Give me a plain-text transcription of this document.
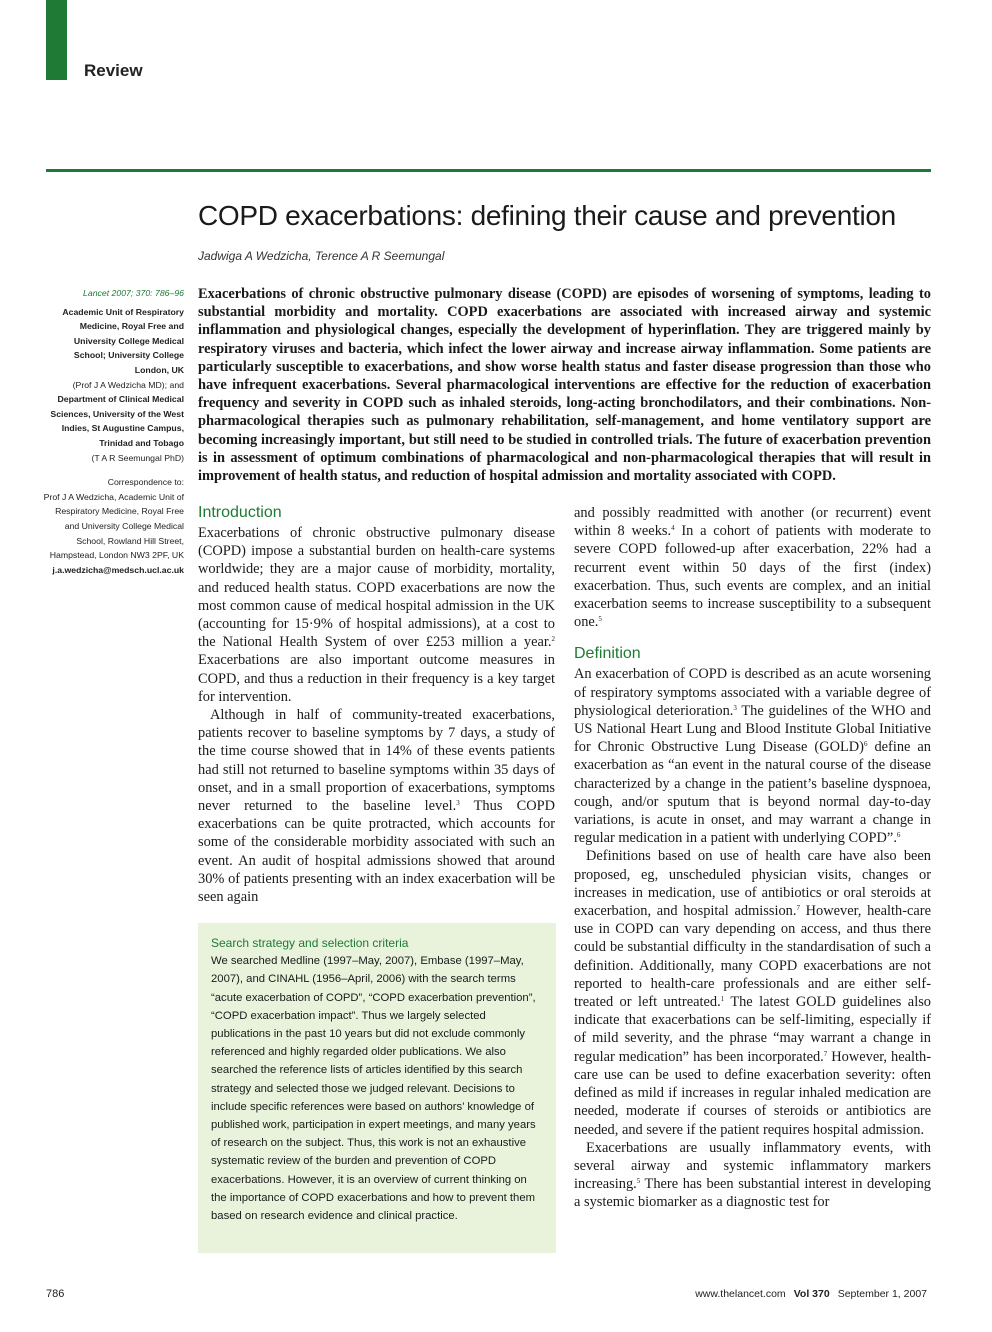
Review
COPD exacerbations: defining their cause and prevention
Jadwiga A Wedzicha, Terence A R Seemungal
Lancet 2007; 370: 786–96
Academic Unit of Respiratory Medicine, Royal Free and University College Medical School; University College London, UK
(Prof J A Wedzicha MD); and
Department of Clinical Medical Sciences, University of the West Indies, St Augustine Campus, Trinidad and Tobago
(T A R Seemungal PhD)
Correspondence to:
Prof J A Wedzicha, Academic Unit of Respiratory Medicine, Royal Free and University College Medical School, Rowland Hill Street, Hampstead, London NW3 2PF, UK
j.a.wedzicha@medsch.ucl.ac.uk
Exacerbations of chronic obstructive pulmonary disease (COPD) are episodes of worsening of symptoms, leading to substantial morbidity and mortality. COPD exacerbations are associated with increased airway and systemic inflammation and physiological changes, especially the development of hyperinflation. They are triggered mainly by respiratory viruses and bacteria, which infect the lower airway and increase airway inflammation. Some patients are particularly susceptible to exacerbations, and show worse health status and faster disease progression than those who have infrequent exacerbations. Several pharmacological interventions are effective for the reduction of exacerbation frequency and severity in COPD such as inhaled steroids, long-acting bronchodilators, and their combinations. Non-pharmacological therapies such as pulmonary rehabilitation, self-management, and home ventilatory support are becoming increasingly important, but still need to be studied in controlled trials. The future of exacerbation prevention is in assessment of optimum combinations of pharmacological and non-pharmacological therapies that will result in improvement of health status, and reduction of hospital admission and mortality associated with COPD.
Introduction

Exacerbations of chronic obstructive pulmonary disease (COPD) impose a substantial burden on health-care systems worldwide; they are a major cause of morbidity, mortality, and reduced health status. COPD exacerbations are now the most common cause of medical hospital admission in the UK (accounting for 15·9% of hospital admissions), at a cost to the National Health System of over £253 million a year.$^2$ Exacerbations are also important outcome measures in COPD, and thus a reduction in their frequency is a key target for intervention.

Although in half of community-treated exacerbations, patients recover to baseline symptoms by 7 days, a study of the time course showed that in 14% of these events patients had still not returned to baseline symptoms within 35 days of onset, and in a small proportion of exacerbations, symptoms never returned to the baseline level.$^3$ Thus COPD exacerbations can be quite protracted, which accounts for some of the considerable morbidity associated with such an event. An audit of hospital admissions showed that around 30% of patients presenting with an index exacerbation will be seen again

Search strategy and selection criteria
We searched Medline (1997–May, 2007), Embase (1997–May, 2007), and CINAHL (1956–April, 2006) with the search terms “acute exacerbation of COPD”, “COPD exacerbation prevention”, “COPD exacerbation impact”. Thus we largely selected publications in the past 10 years but did not exclude commonly referenced and highly regarded older publications. We also searched the reference lists of articles identified by this search strategy and selected those we judged relevant. Decisions to include specific references were based on authors’ knowledge of published work, participation in expert meetings, and many years of research on the subject. Thus, this work is not an exhaustive systematic review of the burden and prevention of COPD exacerbations. However, it is an overview of current thinking on the importance of COPD exacerbations and how to prevent them based on research evidence and clinical practice.

and possibly readmitted with another (or recurrent) event within 8 weeks.$^4$ In a cohort of patients with moderate to severe COPD followed-up after exacerbation, 22% had a recurrent event within 50 days of the first (index) exacerbation. Thus, such events are complex, and an initial exacerbation seems to increase susceptibility to a subsequent one.$^5$

Definition

An exacerbation of COPD is described as an acute worsening of respiratory symptoms associated with a variable degree of physiological deterioration.$^3$ The guidelines of the WHO and US National Heart Lung and Blood Institute Global Initiative for Chronic Obstructive Lung Disease (GOLD)$^6$ define an exacerbation as “an event in the natural course of the disease characterized by a change in the patient’s baseline dyspnoea, cough, and/or sputum that is beyond normal day-to-day variations, is acute in onset, and may warrant a change in regular medication in a patient with underlying COPD”.$^6$

Definitions based on use of health care have also been proposed, eg, unscheduled physician visits, changes or increases in medication, use of antibiotics or oral steroids at exacerbation, and hospital admission.$^7$ However, health-care use in COPD can vary depending on access, and thus there could be substantial difficulty in the standardisation of such a definition. Additionally, many COPD exacerbations are not reported to health-care professionals and are either self-treated or left untreated.$^1$ The latest GOLD guidelines also indicate that exacerbations can be self-limiting, especially if of mild severity, and the phrase “may warrant a change in regular medication” has been incorporated.$^7$ However, health-care use can be used to define exacerbation severity: often defined as mild if increases in regular inhaled medication are needed, moderate if courses of steroids or antibiotics are needed, and severe if the patient requires hospital admission.

Exacerbations are usually inflammatory events, with several airway and systemic inflammatory markers increasing.$^5$ There has been substantial interest in developing a systemic biomarker as a diagnostic test for

786	www.thelancet.com Vol 370 September 1, 2007
